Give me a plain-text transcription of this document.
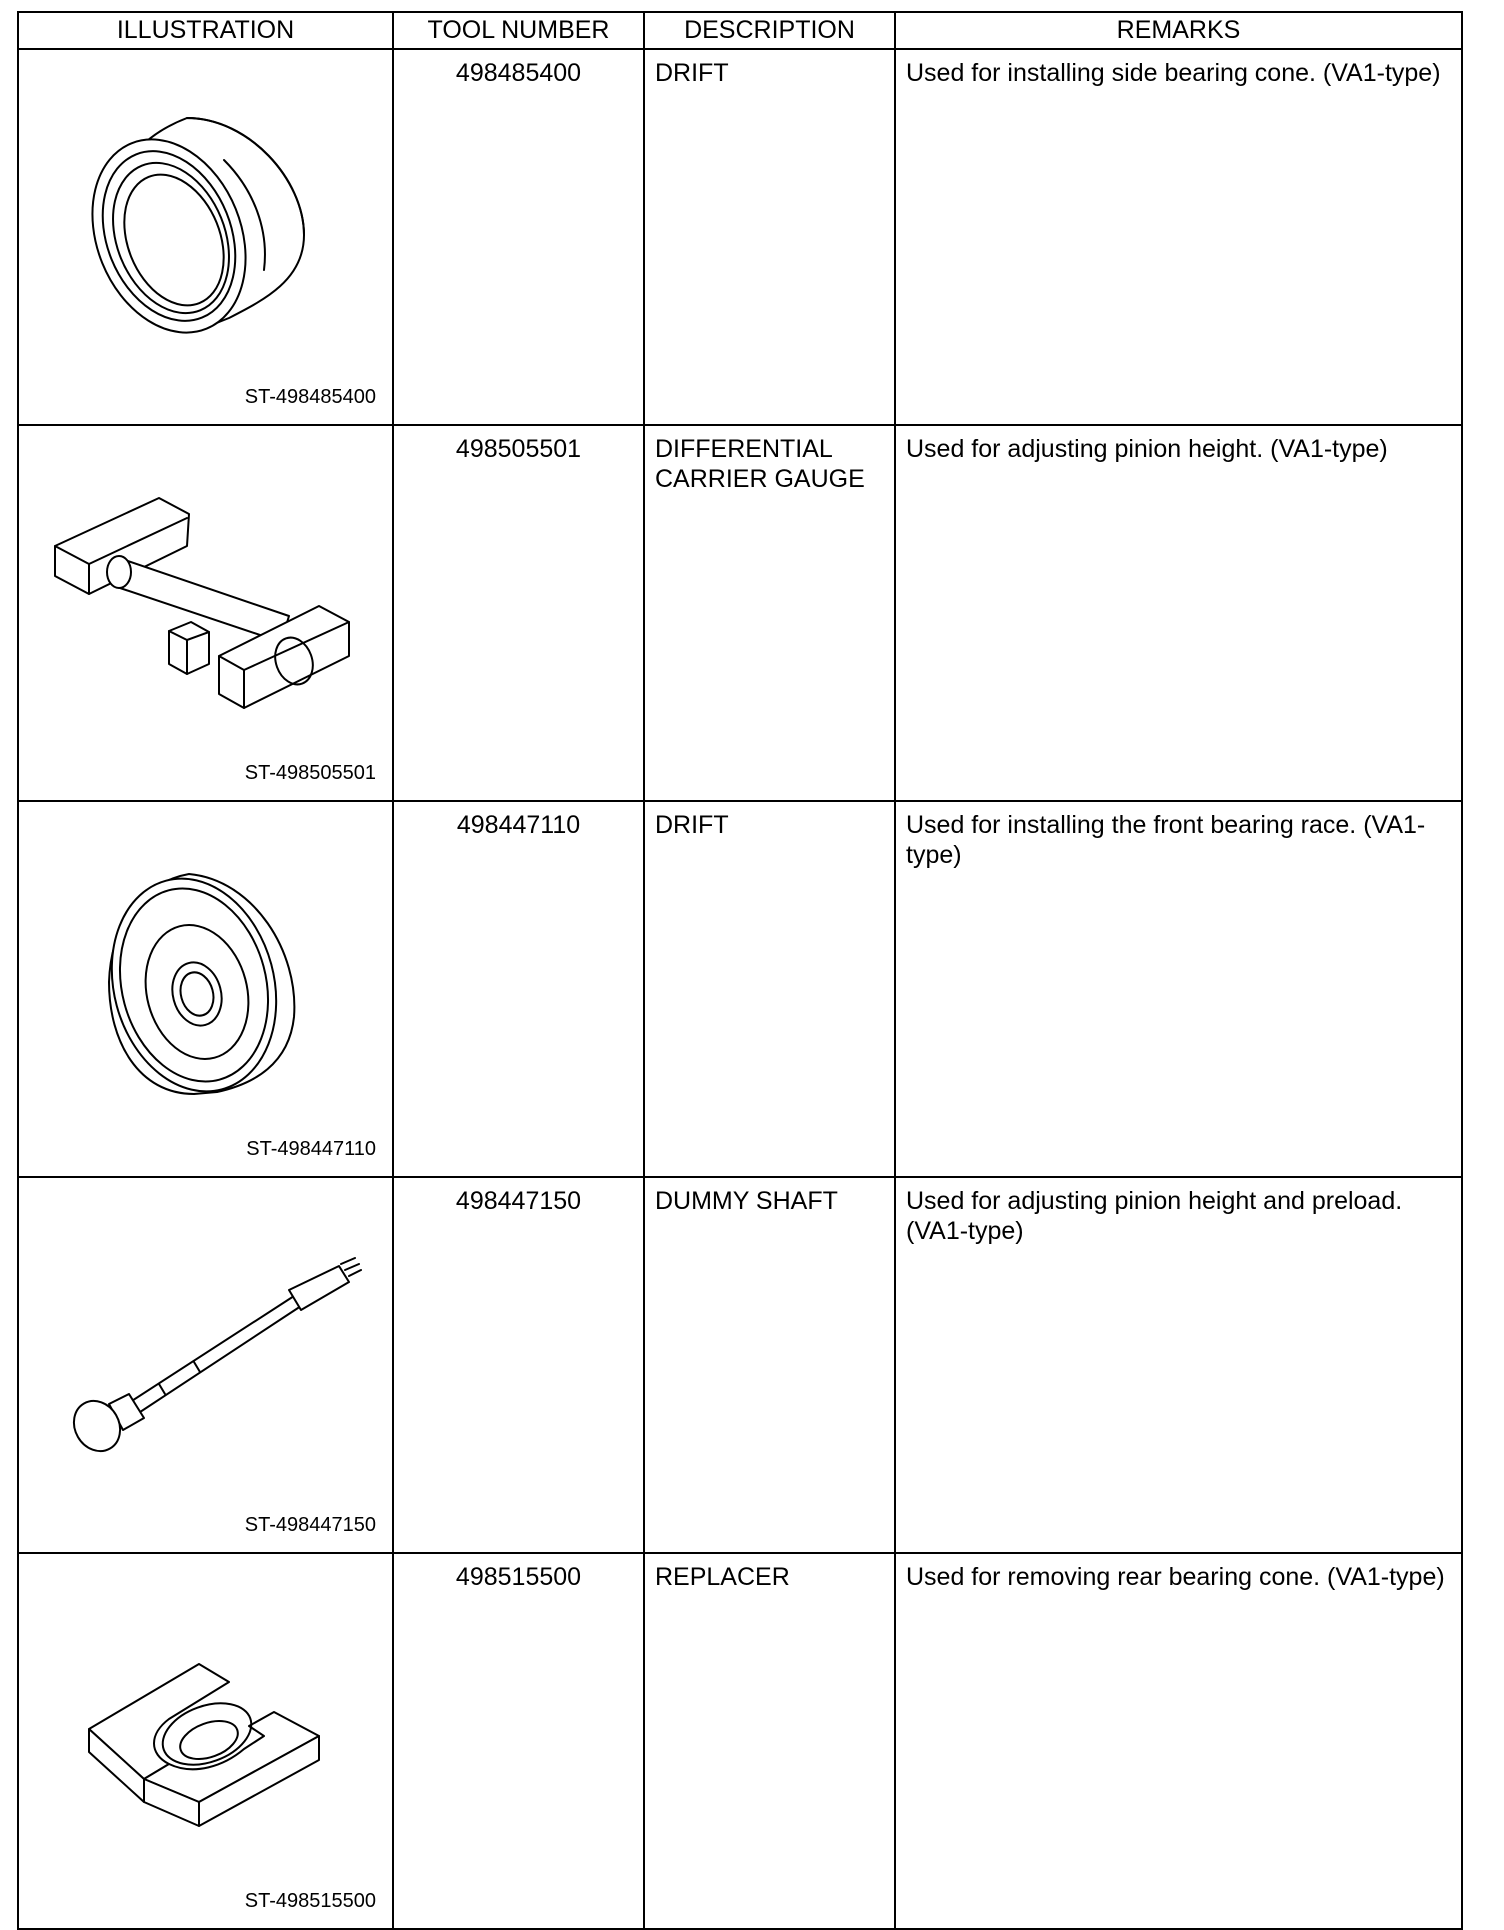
ILLUSTRATION	TOOL NUMBER	DESCRIPTION	REMARKS

ST-498485400	498485400	DRIFT	Used for installing side bearing cone. (VA1-type)

ST-498505501	498505501	DIFFERENTIAL CARRIER GAUGE	Used for adjusting pinion height. (VA1-type)

ST-498447110	498447110	DRIFT	Used for installing the front bearing race. (VA1-type)

ST-498447150	498447150	DUMMY SHAFT	Used for adjusting pinion height and preload. (VA1-type)

ST-498515500	498515500	REPLACER	Used for removing rear bearing cone. (VA1-type)
